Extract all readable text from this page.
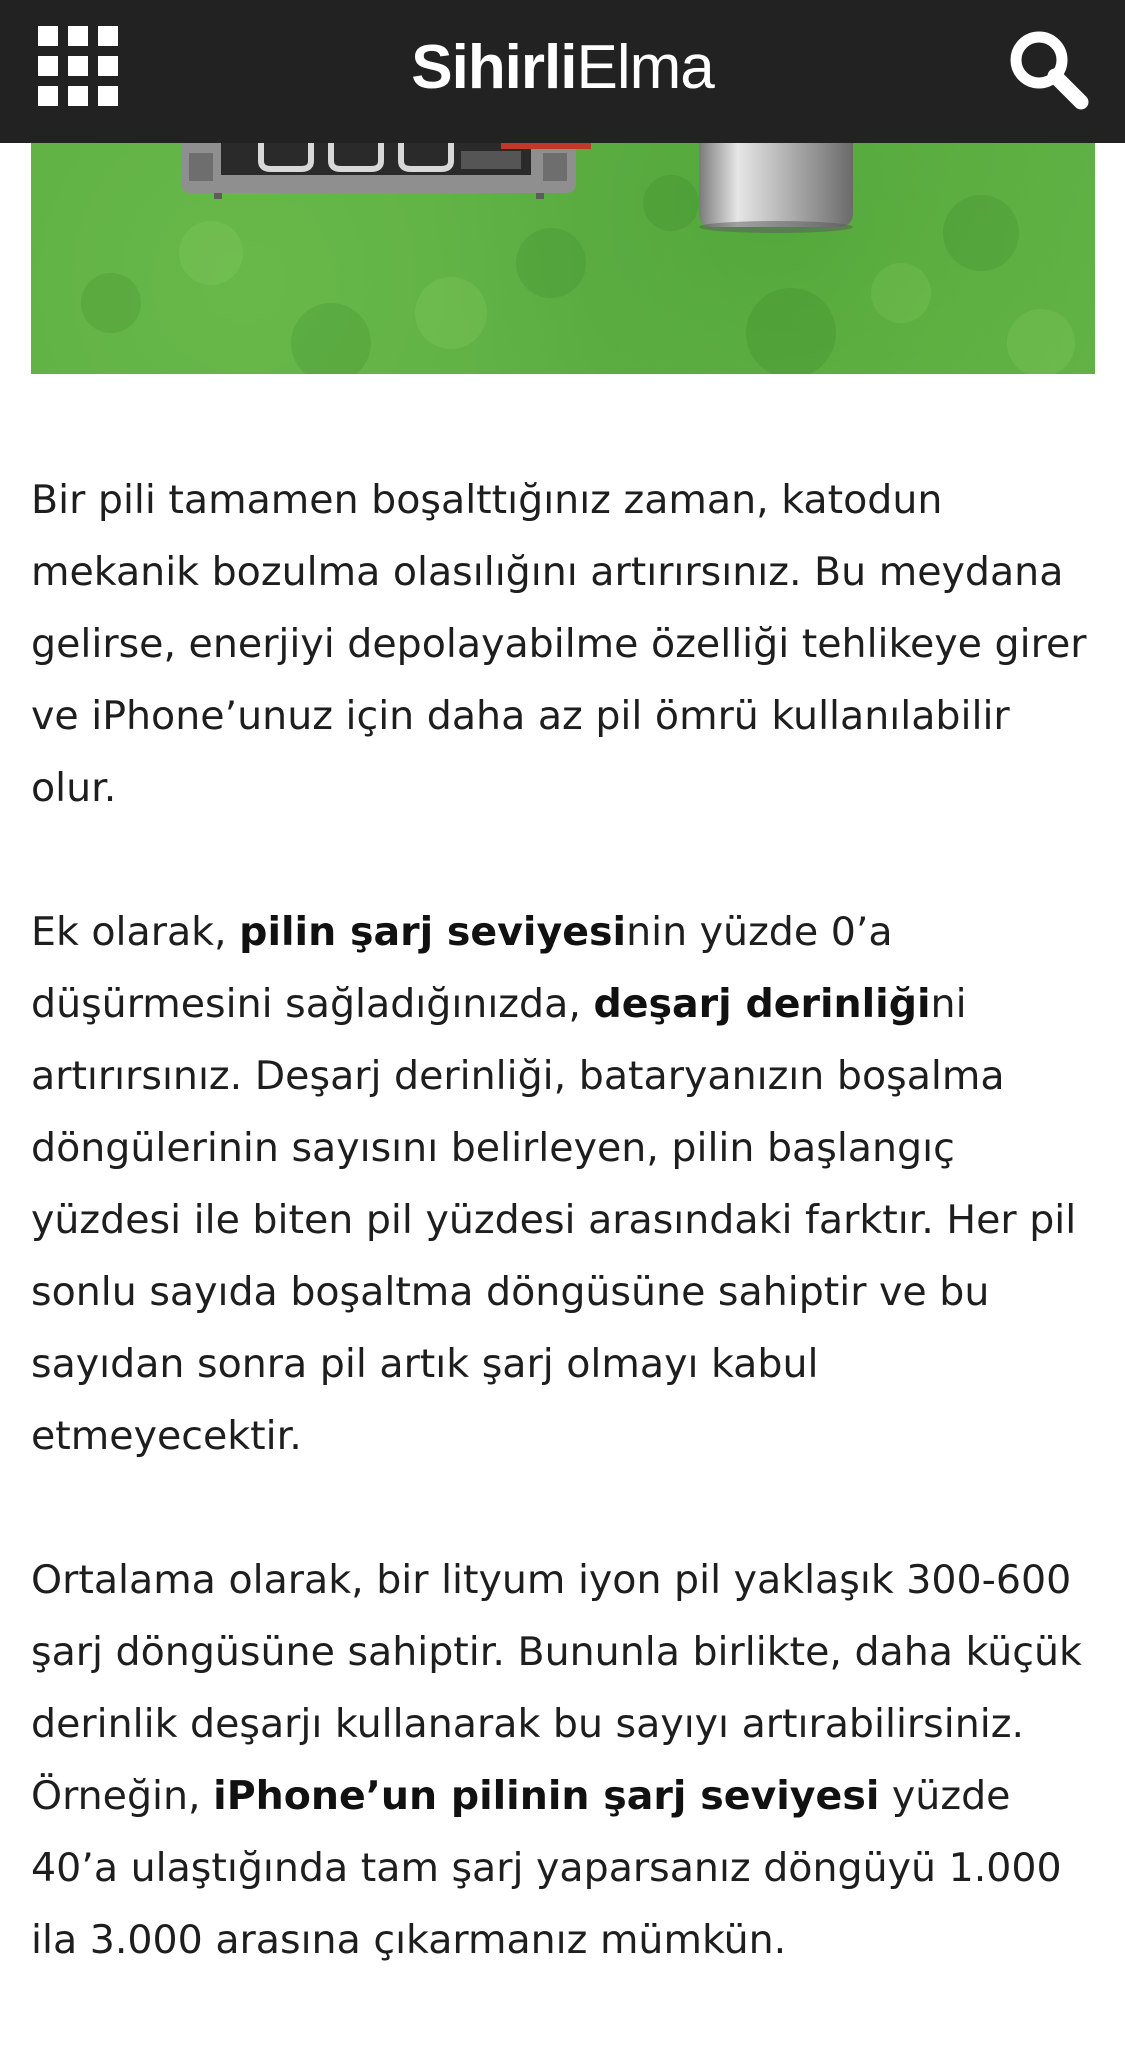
SihirliElma

Bir pili tamamen boşalttığınız zaman, katodun mekanik bozulma olasılığını artırırsınız. Bu meydana gelirse, enerjiyi depolayabilme özelliği tehlikeye girer ve iPhone’unuz için daha az pil ömrü kullanılabilir olur.

Ek olarak, pilin şarj seviyesinin yüzde 0’a düşürmesini sağladığınızda, deşarj derinliğini artırırsınız. Deşarj derinliği, bataryanızın boşalma döngülerinin sayısını belirleyen, pilin başlangıç yüzdesi ile biten pil yüzdesi arasındaki farktır. Her pil sonlu sayıda boşaltma döngüsüne sahiptir ve bu sayıdan sonra pil artık şarj olmayı kabul etmeyecektir.

Ortalama olarak, bir lityum iyon pil yaklaşık 300-600 şarj döngüsüne sahiptir. Bununla birlikte, daha küçük derinlik deşarjı kullanarak bu sayıyı artırabilirsiniz. Örneğin, iPhone’un pilinin şarj seviyesi yüzde 40’a ulaştığında tam şarj yaparsanız döngüyü 1.000 ila 3.000 arasına çıkarmanız mümkün.
